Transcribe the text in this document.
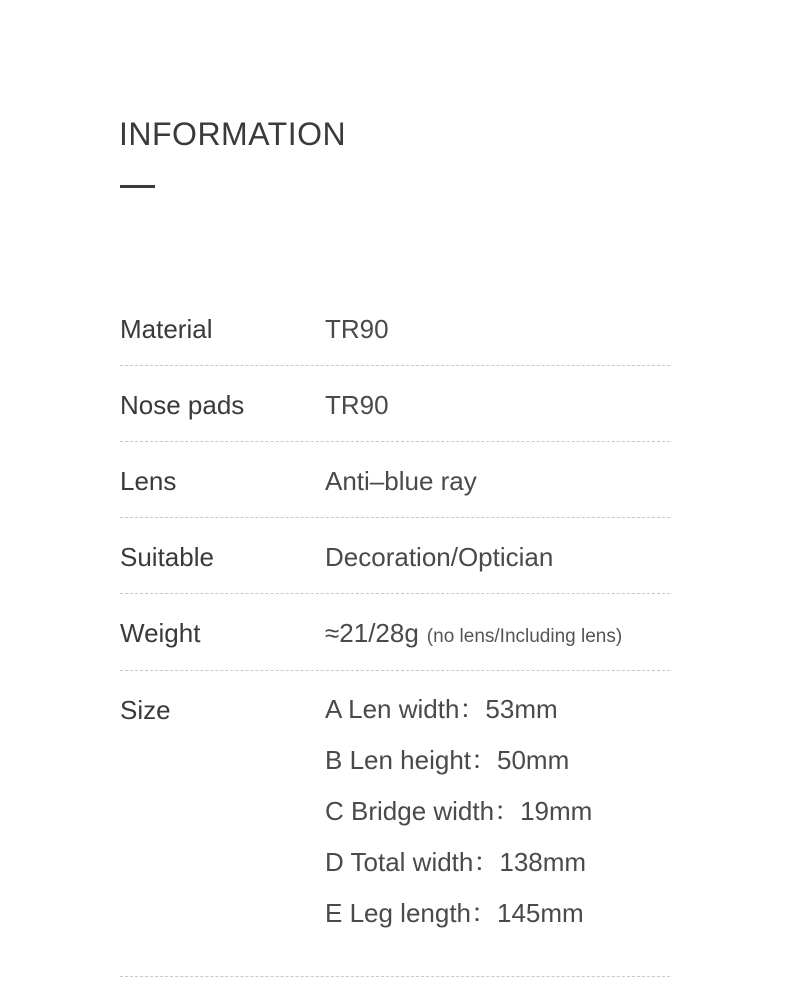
INFORMATION
Material	TR90
Nose pads	TR90
Lens	Anti–blue ray
Suitable	Decoration/Optician
Weight	≈21/28g (no lens/Including lens)
Size	A Len width：53mm
B Len height：50mm
C Bridge width：19mm
D Total width：138mm
E Leg length：145mm
